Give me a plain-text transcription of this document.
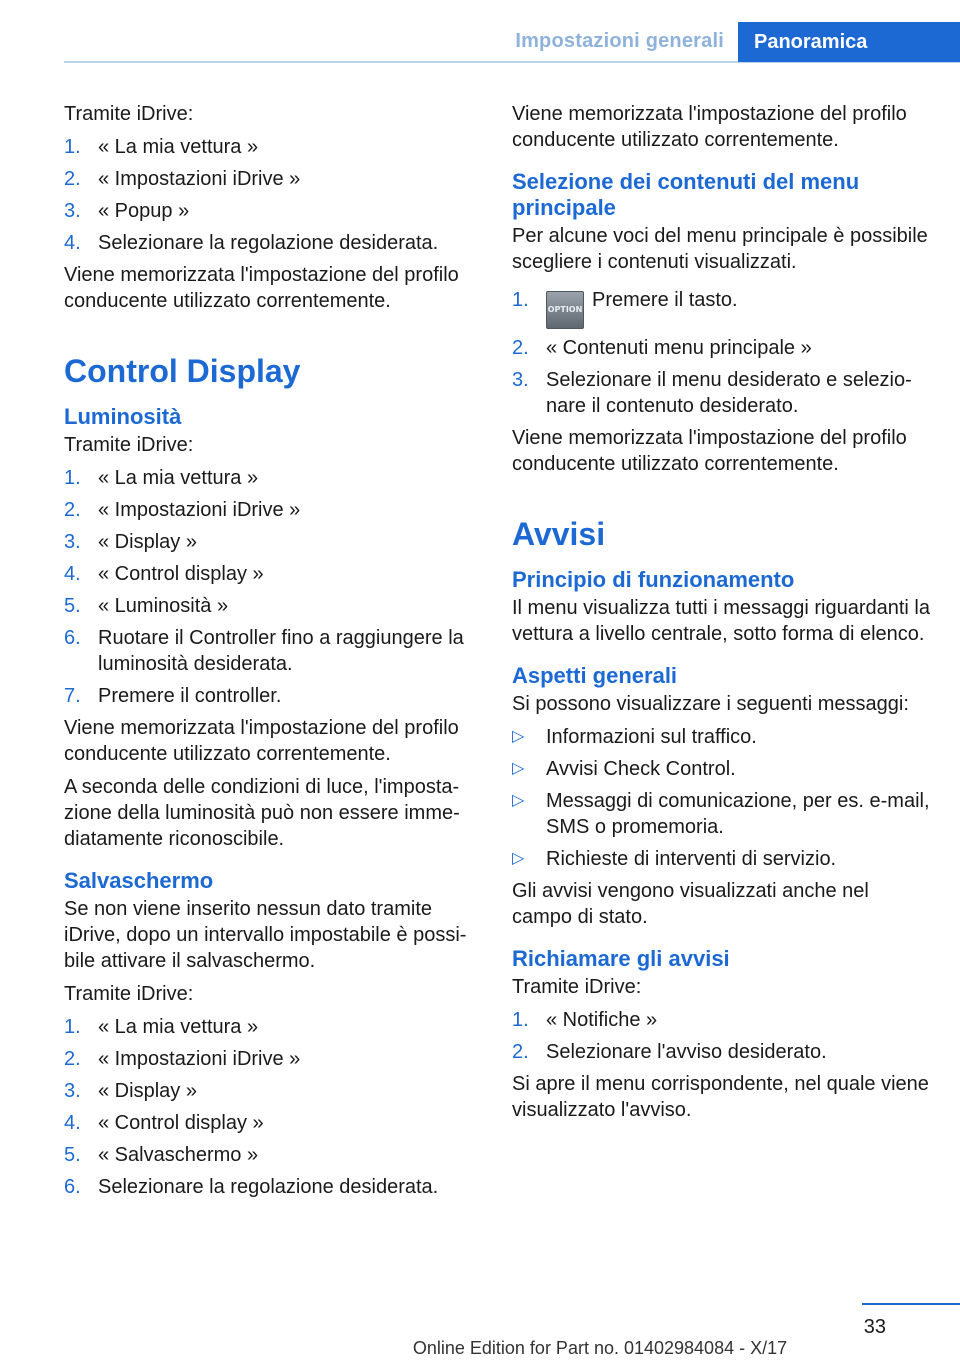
Impostazioni generali	Panoramica

Tramite iDrive:

1. « La mia vettura »
2. « Impostazioni iDrive »
3. « Popup »
4. Selezionare la regolazione desiderata.

Viene memorizzata l'impostazione del profilo conducente utilizzato correntemente.

Control Display
Luminosità

Tramite iDrive:

1. « La mia vettura »
2. « Impostazioni iDrive »
3. « Display »
4. « Control display »
5. « Luminosità »
6. Ruotare il Controller fino a raggiungere la luminosità desiderata.
7. Premere il controller.

Viene memorizzata l'impostazione del profilo conducente utilizzato correntemente.

A seconda delle condizioni di luce, l'imposta‐zione della luminosità può non essere imme‐diatamente riconoscibile.

Salvaschermo

Se non viene inserito nessun dato tramite iDrive, dopo un intervallo impostabile è possi‐bile attivare il salvaschermo.

Tramite iDrive:

1. « La mia vettura »
2. « Impostazioni iDrive »
3. « Display »
4. « Control display »
5. « Salvaschermo »
6. Selezionare la regolazione desiderata.

Viene memorizzata l'impostazione del profilo conducente utilizzato correntemente.

Selezione dei contenuti del menu principale

Per alcune voci del menu principale è possibile scegliere i contenuti visualizzati.

1. OPTION Premere il tasto.
2. « Contenuti menu principale »
3. Selezionare il menu desiderato e selezio‐nare il contenuto desiderato.

Viene memorizzata l'impostazione del profilo conducente utilizzato correntemente.

Avvisi
Principio di funzionamento

Il menu visualizza tutti i messaggi riguardanti la vettura a livello centrale, sotto forma di elenco.

Aspetti generali

Si possono visualizzare i seguenti messaggi:

▷ Informazioni sul traffico.
▷ Avvisi Check Control.
▷ Messaggi di comunicazione, per es. e-mail, SMS o promemoria.
▷ Richieste di interventi di servizio.

Gli avvisi vengono visualizzati anche nel campo di stato.

Richiamare gli avvisi

Tramite iDrive:

1. « Notifiche »
2. Selezionare l'avviso desiderato.

Si apre il menu corrispondente, nel quale viene visualizzato l'avviso.

33
Online Edition for Part no. 01402984084 - X/17
